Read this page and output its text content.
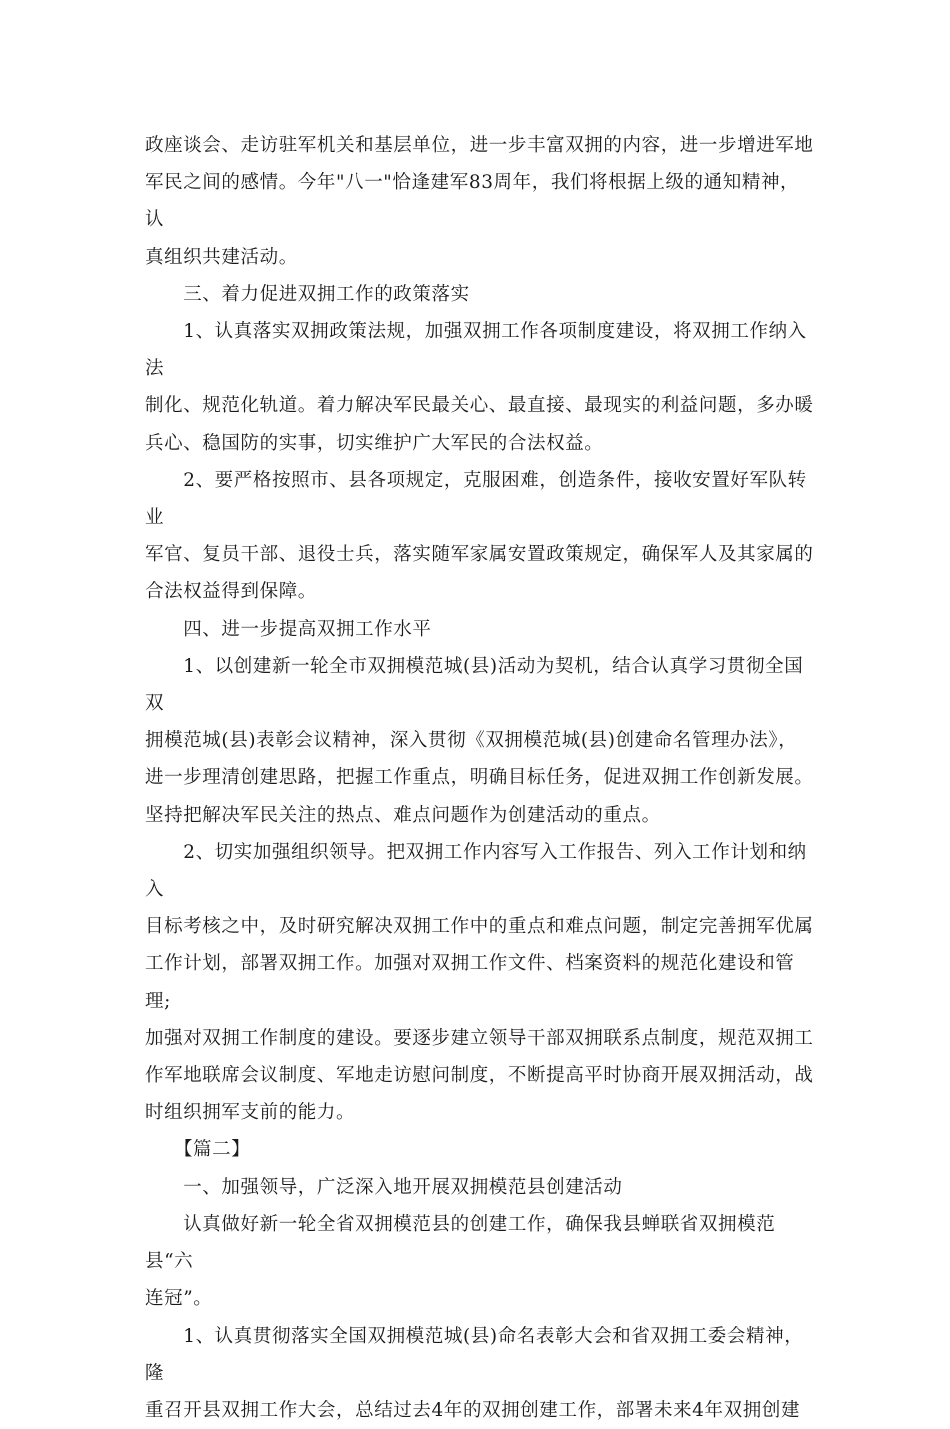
政座谈会、走访驻军机关和基层单位，进一步丰富双拥的内容，进一步增进军地
军民之间的感情。今年"八一"恰逢建军83周年，我们将根据上级的通知精神，认
真组织共建活动。

　　三、着力促进双拥工作的政策落实

　　1、认真落实双拥政策法规，加强双拥工作各项制度建设，将双拥工作纳入法
制化、规范化轨道。着力解决军民最关心、最直接、最现实的利益问题，多办暖
兵心、稳国防的实事，切实维护广大军民的合法权益。

　　2、要严格按照市、县各项规定，克服困难，创造条件，接收安置好军队转业
军官、复员干部、退役士兵，落实随军家属安置政策规定，确保军人及其家属的
合法权益得到保障。

　　四、进一步提高双拥工作水平

　　1、以创建新一轮全市双拥模范城(县)活动为契机，结合认真学习贯彻全国双
拥模范城(县)表彰会议精神，深入贯彻《双拥模范城(县)创建命名管理办法》，
进一步理清创建思路，把握工作重点，明确目标任务，促进双拥工作创新发展。
坚持把解决军民关注的热点、难点问题作为创建活动的重点。

　　2、切实加强组织领导。把双拥工作内容写入工作报告、列入工作计划和纳入
目标考核之中，及时研究解决双拥工作中的重点和难点问题，制定完善拥军优属
工作计划，部署双拥工作。加强对双拥工作文件、档案资料的规范化建设和管理;
加强对双拥工作制度的建设。要逐步建立领导干部双拥联系点制度，规范双拥工
作军地联席会议制度、军地走访慰问制度，不断提高平时协商开展双拥活动，战
时组织拥军支前的能力。

　　【篇二】

　　一、加强领导，广泛深入地开展双拥模范县创建活动

　　认真做好新一轮全省双拥模范县的创建工作，确保我县蝉联省双拥模范县“六
连冠”。

　　1、认真贯彻落实全国双拥模范城(县)命名表彰大会和省双拥工委会精神，隆
重召开县双拥工作大会，总结过去4年的双拥创建工作，部署未来4年双拥创建
